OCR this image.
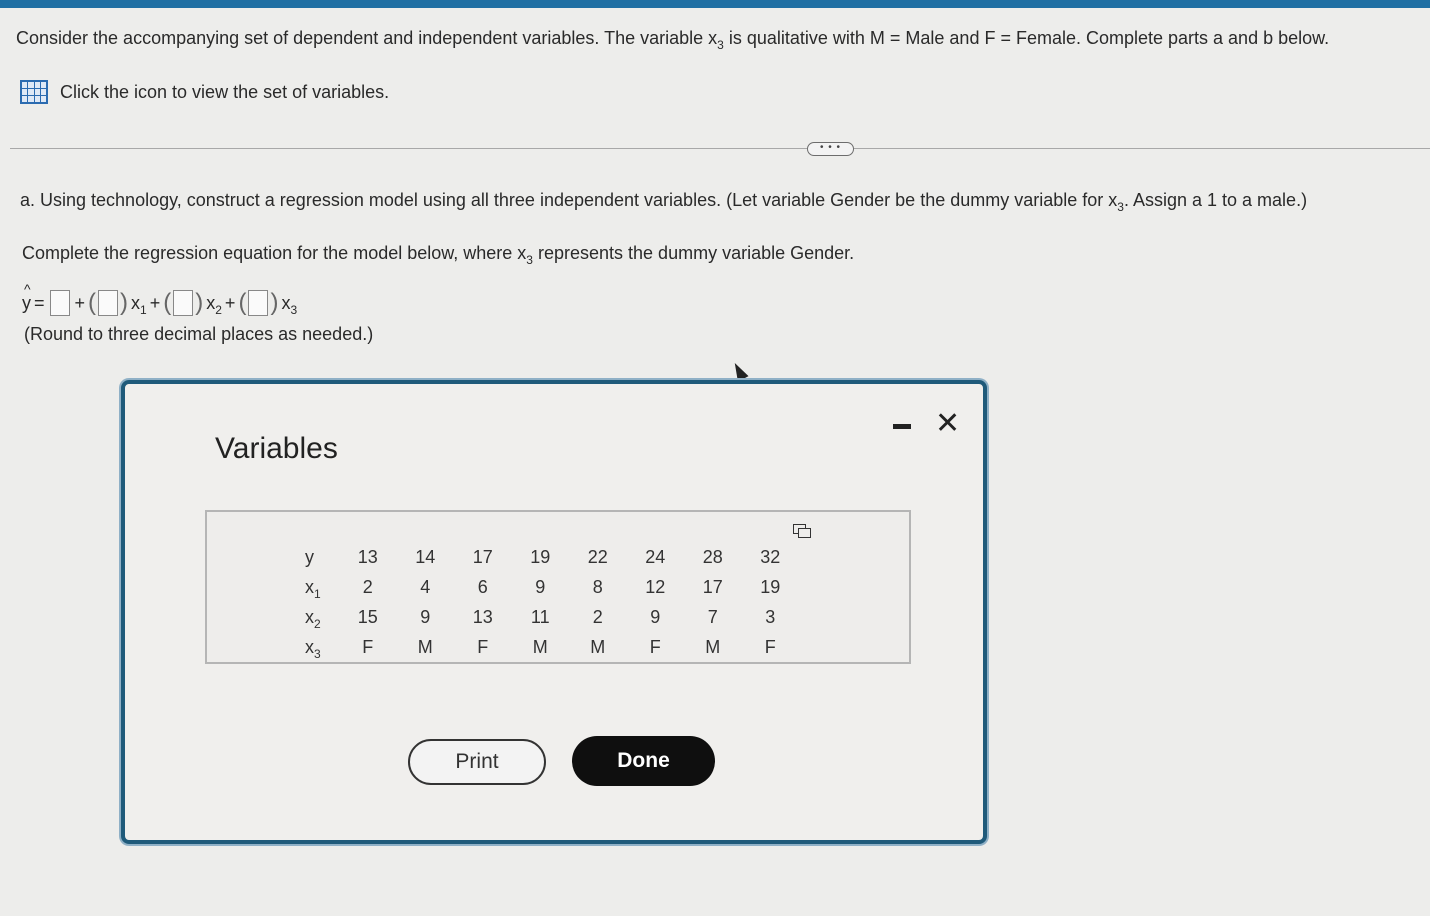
Consider the accompanying set of dependent and independent variables. The variable $x_3$ is qualitative with M = Male and F = Female. Complete parts a and b below.
Click the icon to view the set of variables.
• • •
a. Using technology, construct a regression model using all three independent variables. (Let variable Gender be the dummy variable for $x_3$. Assign a 1 to a male.)
Complete the regression equation for the model below, where $x_3$ represents the dummy variable Gender.
^ y = + ( ) $x_1$ + ( ) $x_2$ + ( ) $x_3$
(Round to three decimal places as needed.)
Variables
✕
y	13	14	17	19	22	24	28	32
$x_1$	2	4	6	9	8	12	17	19
$x_2$	15	9	13	11	2	9	7	3
$x_3$	F	M	F	M	M	F	M	F
Print	Done
